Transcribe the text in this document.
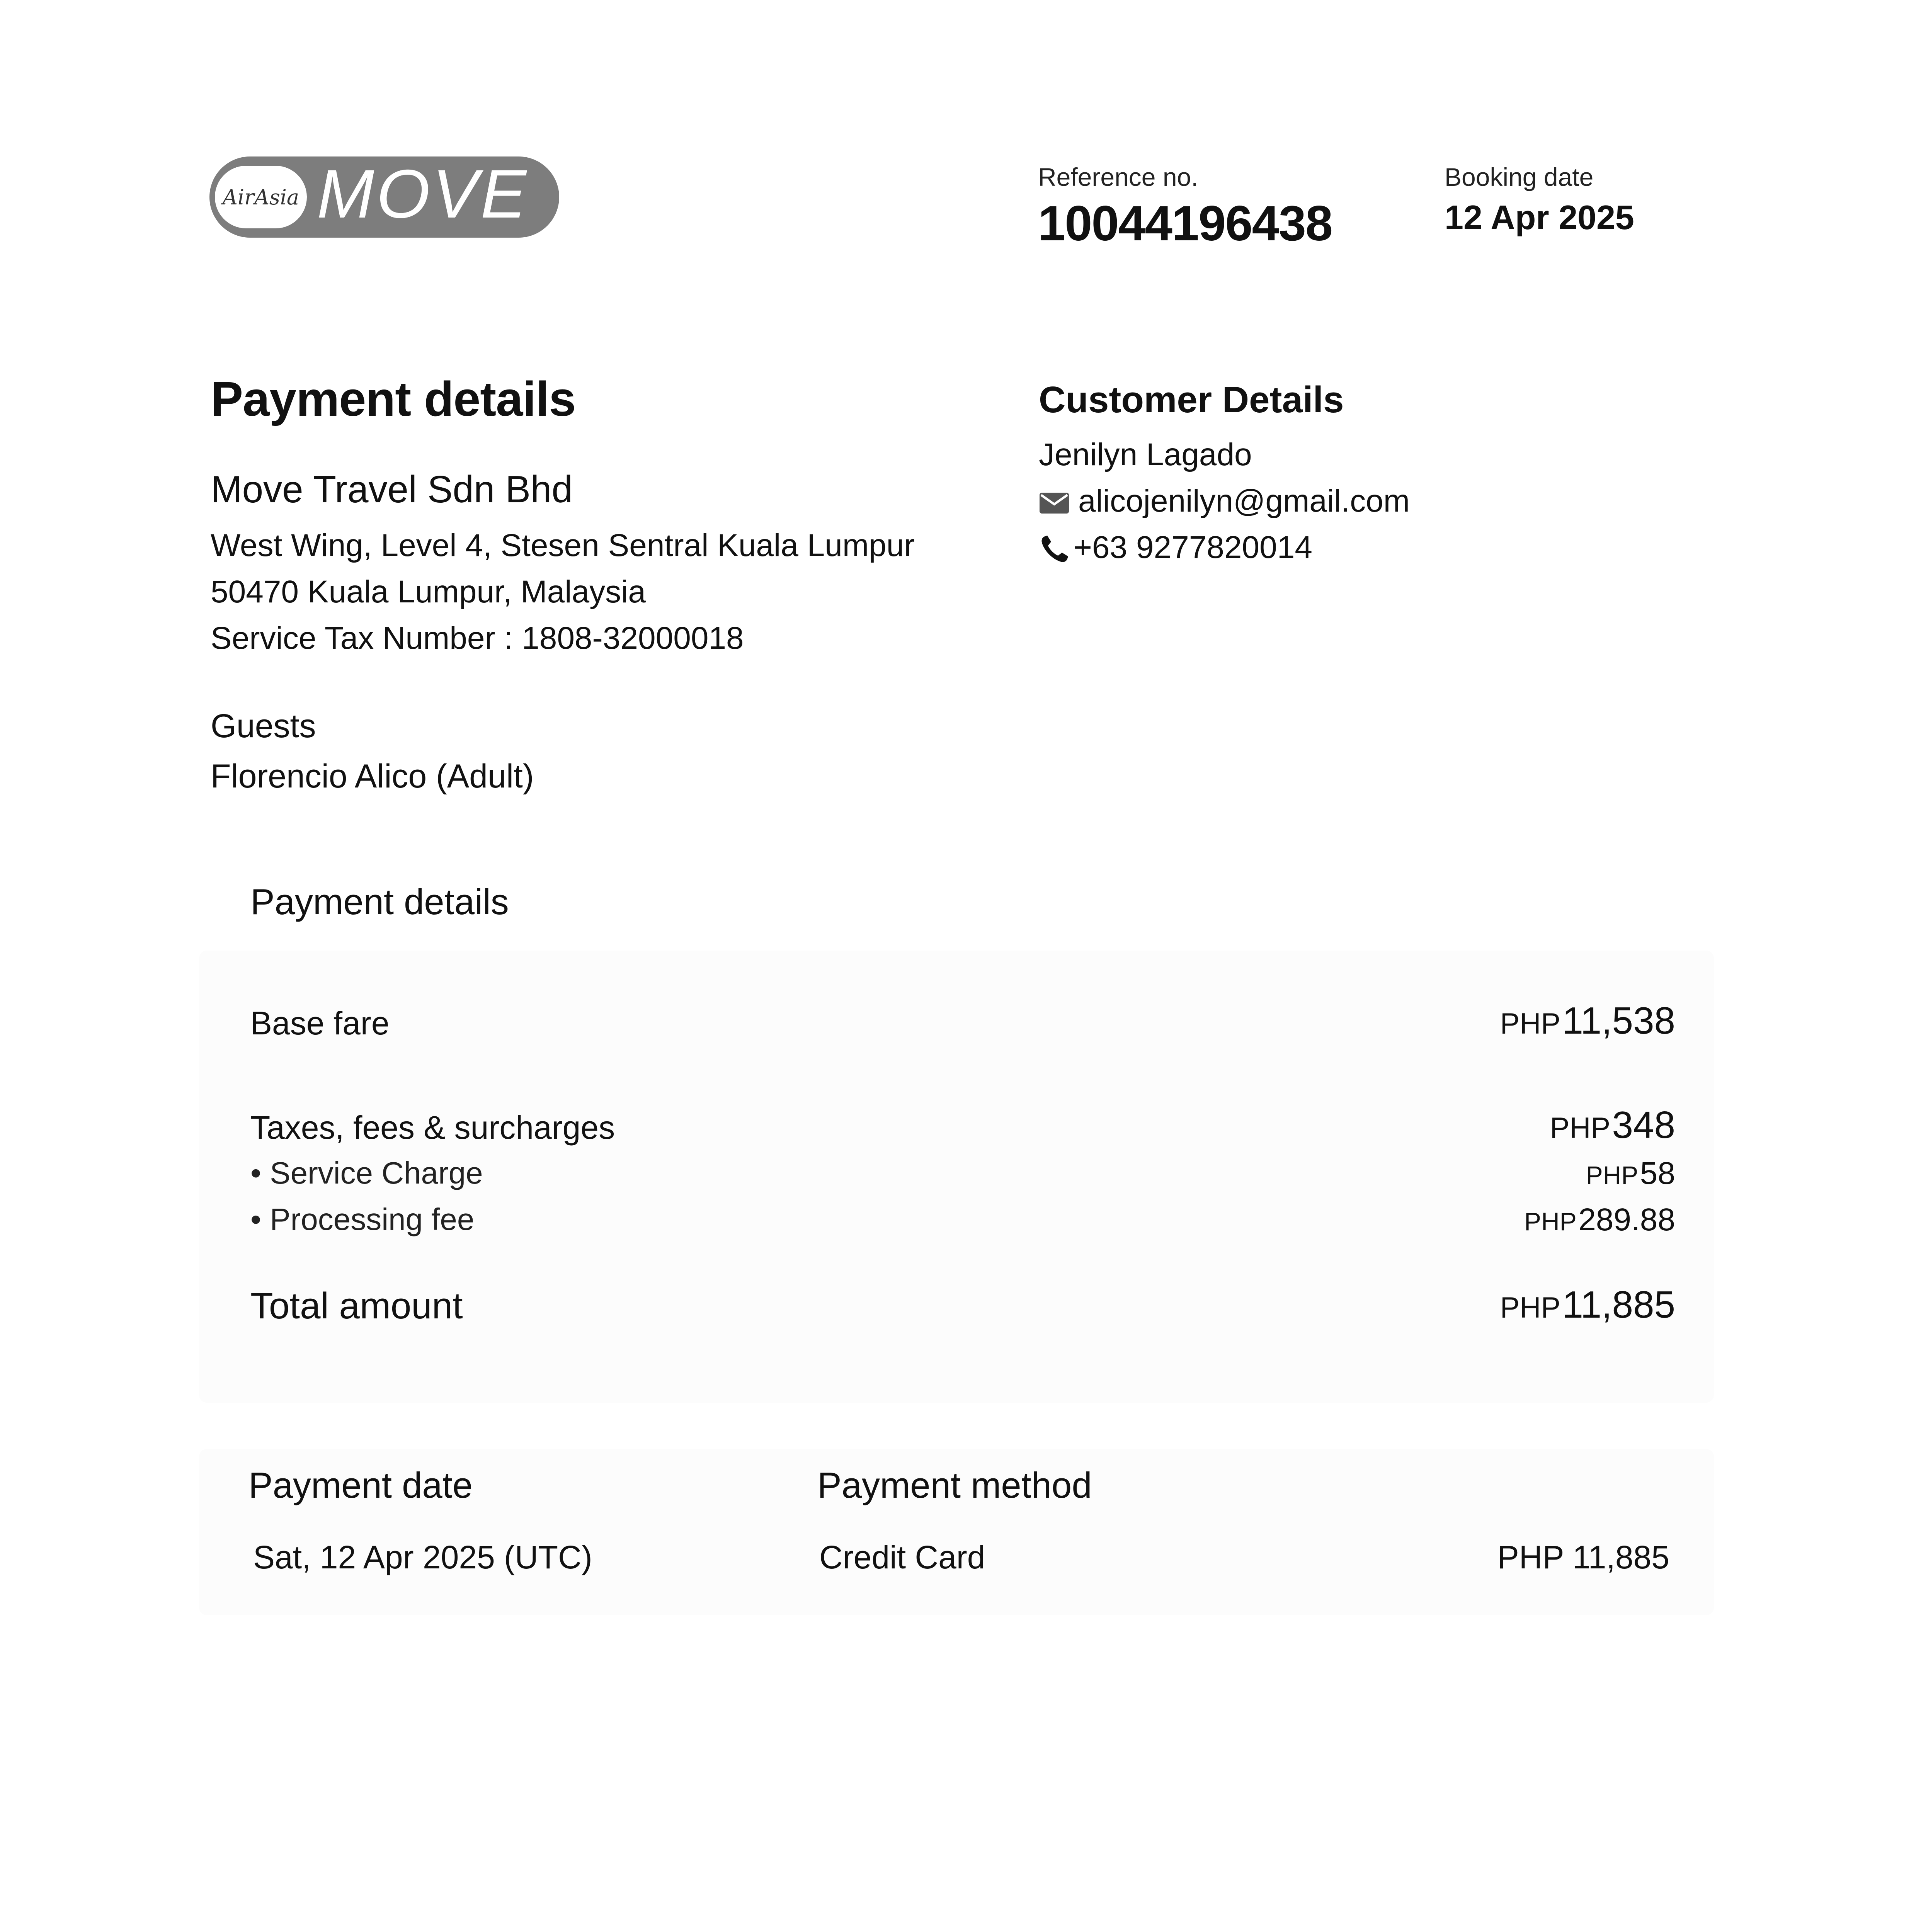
AirAsia MOVE	Reference no.
10044196438
Booking date
12 Apr 2025
Payment details
Move Travel Sdn Bhd
West Wing, Level 4, Stesen Sentral Kuala Lumpur
50470 Kuala Lumpur, Malaysia
Service Tax Number : 1808-32000018
Customer Details
Jenilyn Lagado
alicojenilyn@gmail.com
+63 9277820014
Guests
Florencio Alico (Adult)
Payment details
Base fare	PHP 11,538
Taxes, fees & surcharges	PHP 348
• Service Charge	PHP 58
• Processing fee	PHP 289.88
Total amount	PHP 11,885
Payment date	Payment method
Sat, 12 Apr 2025 (UTC)	Credit Card	PHP 11,885
